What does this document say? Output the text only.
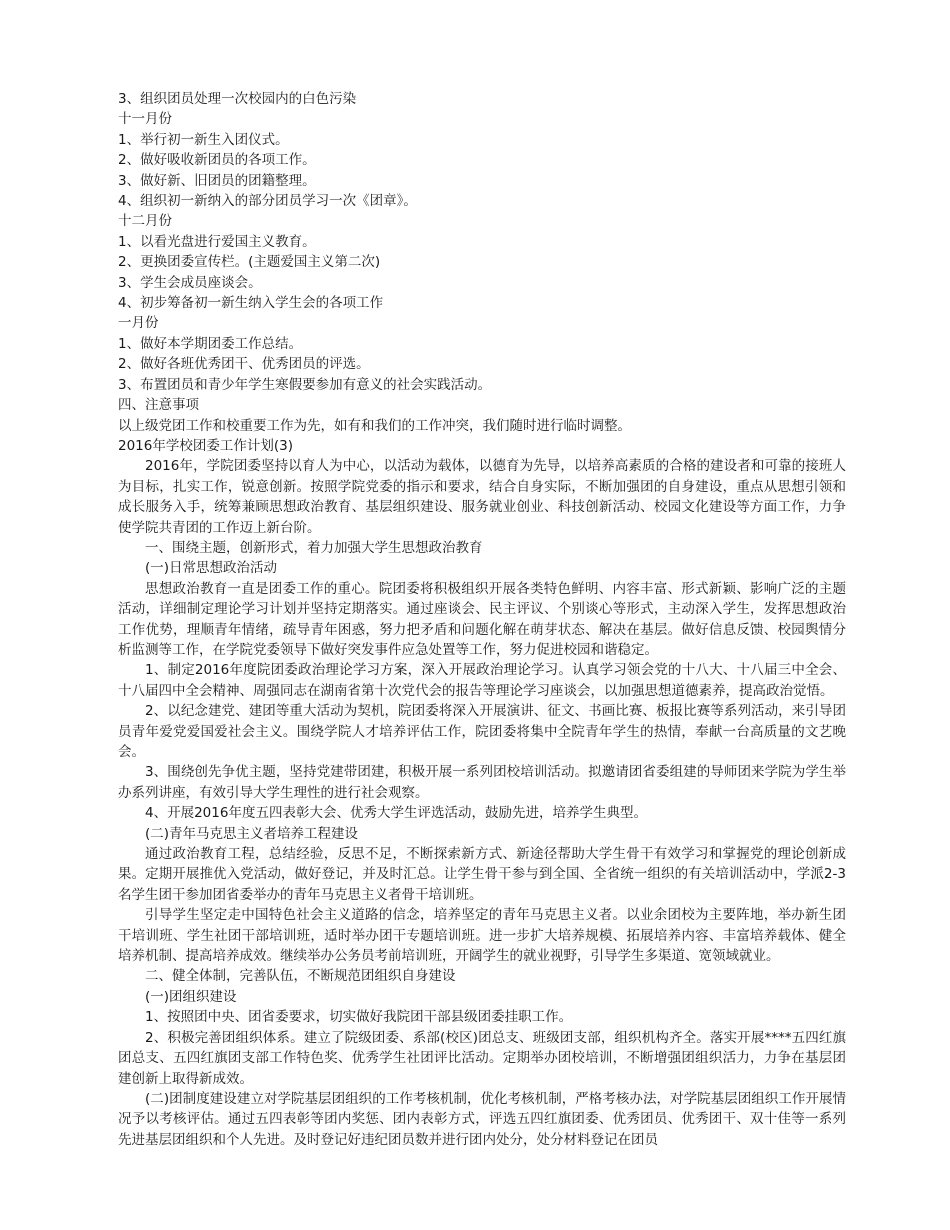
3、组织团员处理一次校园内的白色污染

十一月份

1、举行初一新生入团仪式。

2、做好吸收新团员的各项工作。

3、做好新、旧团员的团籍整理。

4、组织初一新纳入的部分团员学习一次《团章》。

十二月份

1、以看光盘进行爱国主义教育。

2、更换团委宣传栏。(主题爱国主义第二次)

3、学生会成员座谈会。

4、初步筹备初一新生纳入学生会的各项工作

一月份

1、做好本学期团委工作总结。

2、做好各班优秀团干、优秀团员的评选。

3、布置团员和青少年学生寒假要参加有意义的社会实践活动。

四、注意事项

以上级党团工作和校重要工作为先，如有和我们的工作冲突，我们随时进行临时调整。

2016年学校团委工作计划(3)

2016年，学院团委坚持以育人为中心，以活动为载体，以德育为先导，以培养高素质的合格的建设者和可靠的接班人为目标，扎实工作，锐意创新。按照学院党委的指示和要求，结合自身实际，不断加强团的自身建设，重点从思想引领和成长服务入手，统筹兼顾思想政治教育、基层组织建设、服务就业创业、科技创新活动、校园文化建设等方面工作，力争使学院共青团的工作迈上新台阶。

一、围绕主题，创新形式，着力加强大学生思想政治教育

(一)日常思想政治活动

思想政治教育一直是团委工作的重心。院团委将积极组织开展各类特色鲜明、内容丰富、形式新颖、影响广泛的主题活动，详细制定理论学习计划并坚持定期落实。通过座谈会、民主评议、个别谈心等形式，主动深入学生，发挥思想政治工作优势，理顺青年情绪，疏导青年困惑，努力把矛盾和问题化解在萌芽状态、解决在基层。做好信息反馈、校园舆情分析监测等工作，在学院党委领导下做好突发事件应急处置等工作，努力促进校园和谐稳定。

1、制定2016年度院团委政治理论学习方案，深入开展政治理论学习。认真学习领会党的十八大、十八届三中全会、十八届四中全会精神、周强同志在湖南省第十次党代会的报告等理论学习座谈会，以加强思想道德素养，提高政治觉悟。

2、以纪念建党、建团等重大活动为契机，院团委将深入开展演讲、征文、书画比赛、板报比赛等系列活动，来引导团员青年爱党爱国爱社会主义。围绕学院人才培养评估工作，院团委将集中全院青年学生的热情，奉献一台高质量的文艺晚会。

3、围绕创先争优主题，坚持党建带团建，积极开展一系列团校培训活动。拟邀请团省委组建的导师团来学院为学生举办系列讲座，有效引导大学生理性的进行社会观察。

4、开展2016年度五四表彰大会、优秀大学生评选活动，鼓励先进，培养学生典型。

(二)青年马克思主义者培养工程建设

通过政治教育工程，总结经验，反思不足，不断探索新方式、新途径帮助大学生骨干有效学习和掌握党的理论创新成果。定期开展推优入党活动，做好登记，并及时汇总。让学生骨干参与到全国、全省统一组织的有关培训活动中，学派2-3名学生团干参加团省委举办的青年马克思主义者骨干培训班。

引导学生坚定走中国特色社会主义道路的信念，培养坚定的青年马克思主义者。以业余团校为主要阵地，举办新生团干培训班、学生社团干部培训班，适时举办团干专题培训班。进一步扩大培养规模、拓展培养内容、丰富培养载体、健全培养机制、提高培养成效。继续举办公务员考前培训班，开阔学生的就业视野，引导学生多渠道、宽领域就业。

二、健全体制，完善队伍，不断规范团组织自身建设

(一)团组织建设

1、按照团中央、团省委要求，切实做好我院团干部县级团委挂职工作。

2、积极完善团组织体系。建立了院级团委、系部(校区)团总支、班级团支部，组织机构齐全。落实开展****五四红旗团总支、五四红旗团支部工作特色奖、优秀学生社团评比活动。定期举办团校培训，不断增强团组织活力，力争在基层团建创新上取得新成效。

(二)团制度建设建立对学院基层团组织的工作考核机制，优化考核机制，严格考核办法，对学院基层团组织工作开展情况予以考核评估。通过五四表彰等团内奖惩、团内表彰方式，评选五四红旗团委、优秀团员、优秀团干、双十佳等一系列先进基层团组织和个人先进。及时登记好违纪团员数并进行团内处分，处分材料登记在团员
